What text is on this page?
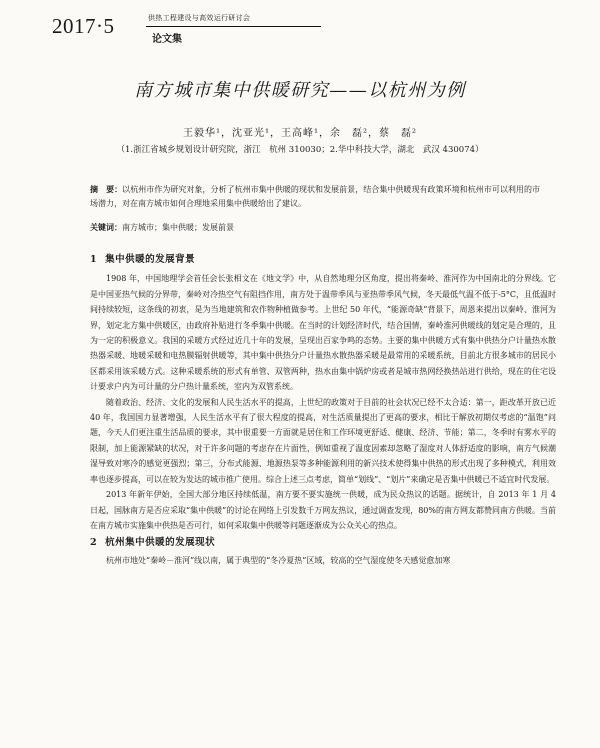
2017·5	供热工程建设与高效运行研讨会
论文集
南方城市集中供暖研究——以杭州为例
王毅华¹，沈亚光¹，王高峰¹，余　磊²，蔡　磊²
（1.浙江省城乡规划设计研究院，浙江　杭州 310030；2.华中科技大学，湖北　武汉 430074）
摘　要：以杭州市作为研究对象，分析了杭州市集中供暖的现状和发展前景，结合集中供暖现有政策环境和杭州市可以利用的市场潜力，对在南方城市如何合理地采用集中供暖给出了建议。
关键词：南方城市；集中供暖；发展前景
1 集中供暖的发展背景

1908 年，中国地理学会首任会长张相文在《地文学》中，从自然地理分区角度，提出将秦岭、淮河作为中国南北的分界线。它是中国亚热气候的分界带，秦岭对冷热空气有阻挡作用，南方处于温带季风与亚热带季风气候，冬天最低气温不低于-5°C，且低温时间持续较短，这条线的初衷，是为当地建筑和农作物种植做参考。上世纪 50 年代，“能源奇缺”背景下，周恩来提出以秦岭、淮河为界，划定北方集中供暖区，由政府补贴进行冬季集中供暖。在当时的计划经济时代，结合国情，秦岭淮河供暖线的划定是合理的，且为一定的积极意义。我国的采暖方式经过近几十年的发展，呈现出百家争鸣的态势。主要的集中供暖方式有集中供热分户计量热水散热器采暖、地暖采暖和电热膜辐射供暖等，其中集中供热分户计量热水散热器采暖是最常用的采暖系统，目前北方很多城市的居民小区都采用该采暖方式。这种采暖系统的形式有单管、双管两种，热水由集中锅炉房或者是城市热网经换热站进行供给，现在的住宅设计要求户内为可计量的分户热计量系统，室内为双管系统。

随着政治、经济、文化的发展和人民生活水平的提高，上世纪的政策对于目前的社会状况已经不太合适：第一，距改革开放已近 40 年，我国国力显著增强，人民生活水平有了很大程度的提高，对生活质量提出了更高的要求，相比于解放初期仅考虑的“温饱”问题，今天人们更注重生活品质的要求，其中很重要一方面就是居住和工作环境更舒适、健康、经济、节能；第二，冬季时有雾水平的限制，加上能源紧缺的状况，对于许多问题的考虑存在片面性，例如重视了温度因素却忽略了湿度对人体舒适度的影响，南方气候潮湿导致对寒冷的感觉更强烈；第三，分布式能源、地源热泵等多种能源利用的新兴技术使得集中供热的形式出现了多种模式，利用效率也逐步提高，可以在较为发达的城市推广使用。综合上述三点考虑，简单“划线”、“划片”来确定是否集中供暖已不适宜时代发展。

2013 年新年伊始，全国大部分地区持续低温，南方要不要实施统一供暖，成为民众热议的话题。据统计，自 2013 年 1 月 4 日起，国脉南方是否应采取“集中供暖”的讨论在网络上引发数千万网友热议，通过调查发现，80%的南方网友都赞同南方供暖。当前在南方城市实施集中供热是否可行，如何采取集中供暖等问题逐渐成为公众关心的热点。

2 杭州集中供暖的发展现状

杭州市地处“秦岭－淮河”线以南，属于典型的“冬冷夏热”区域，较高的空气湿度使冬天感觉愈加寒
